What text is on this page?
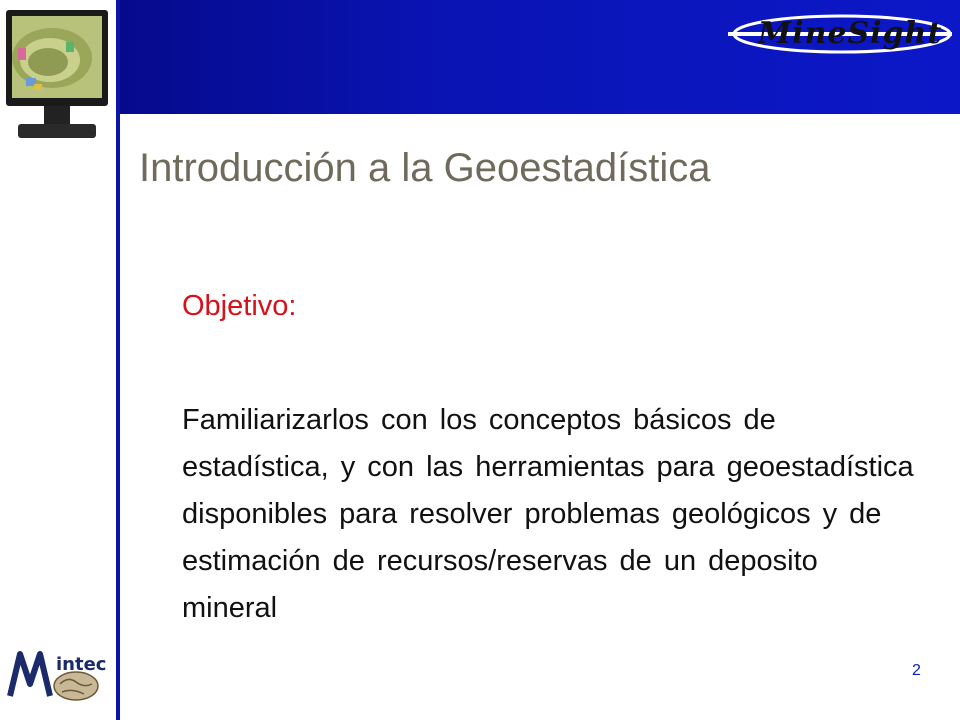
MineSight
Introducción a la Geoestadística
Objetivo:
Familiarizarlos con los conceptos básicos de estadística, y con las herramientas para geoestadística disponibles para resolver problemas geológicos y de estimación de recursos/reservas de un deposito mineral
intec	2
